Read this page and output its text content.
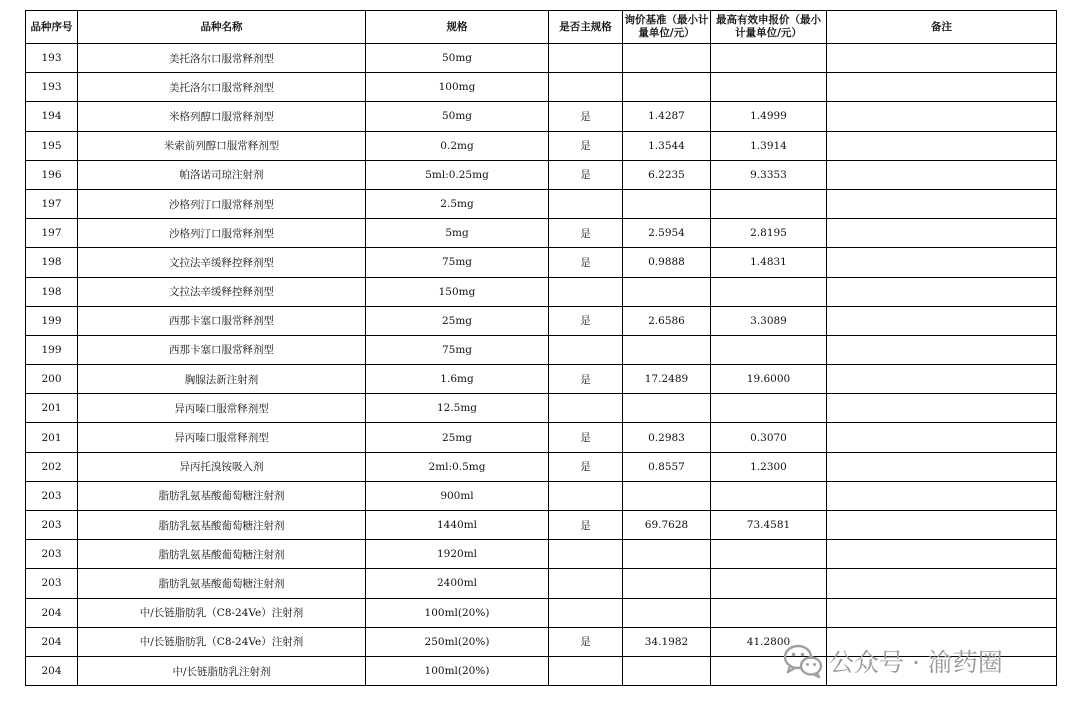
品种序号	品种名称	规格	是否主规格	询价基准（最小计量单位/元）	最高有效申报价（最小计量单位/元）	备注
193	美托洛尔口服常释剂型	50mg				
193	美托洛尔口服常释剂型	100mg				
194	米格列醇口服常释剂型	50mg	是	1.4287	1.4999	
195	米索前列醇口服常释剂型	0.2mg	是	1.3544	1.3914	
196	帕洛诺司琼注射剂	5ml:0.25mg	是	6.2235	9.3353	
197	沙格列汀口服常释剂型	2.5mg				
197	沙格列汀口服常释剂型	5mg	是	2.5954	2.8195	
198	文拉法辛缓释控释剂型	75mg	是	0.9888	1.4831	
198	文拉法辛缓释控释剂型	150mg				
199	西那卡塞口服常释剂型	25mg	是	2.6586	3.3089	
199	西那卡塞口服常释剂型	75mg				
200	胸腺法新注射剂	1.6mg	是	17.2489	19.6000	
201	异丙嗪口服常释剂型	12.5mg				
201	异丙嗪口服常释剂型	25mg	是	0.2983	0.3070	
202	异丙托溴铵吸入剂	2ml:0.5mg	是	0.8557	1.2300	
203	脂肪乳氨基酸葡萄糖注射剂	900ml				
203	脂肪乳氨基酸葡萄糖注射剂	1440ml	是	69.7628	73.4581	
203	脂肪乳氨基酸葡萄糖注射剂	1920ml				
203	脂肪乳氨基酸葡萄糖注射剂	2400ml				
204	中/长链脂肪乳（C8-24Ve）注射剂	100ml(20%)				
204	中/长链脂肪乳（C8-24Ve）注射剂	250ml(20%)	是	34.1982	41.2800	
204	中/长链脂肪乳注射剂	100ml(20%)					公众号 · 渝药圈
